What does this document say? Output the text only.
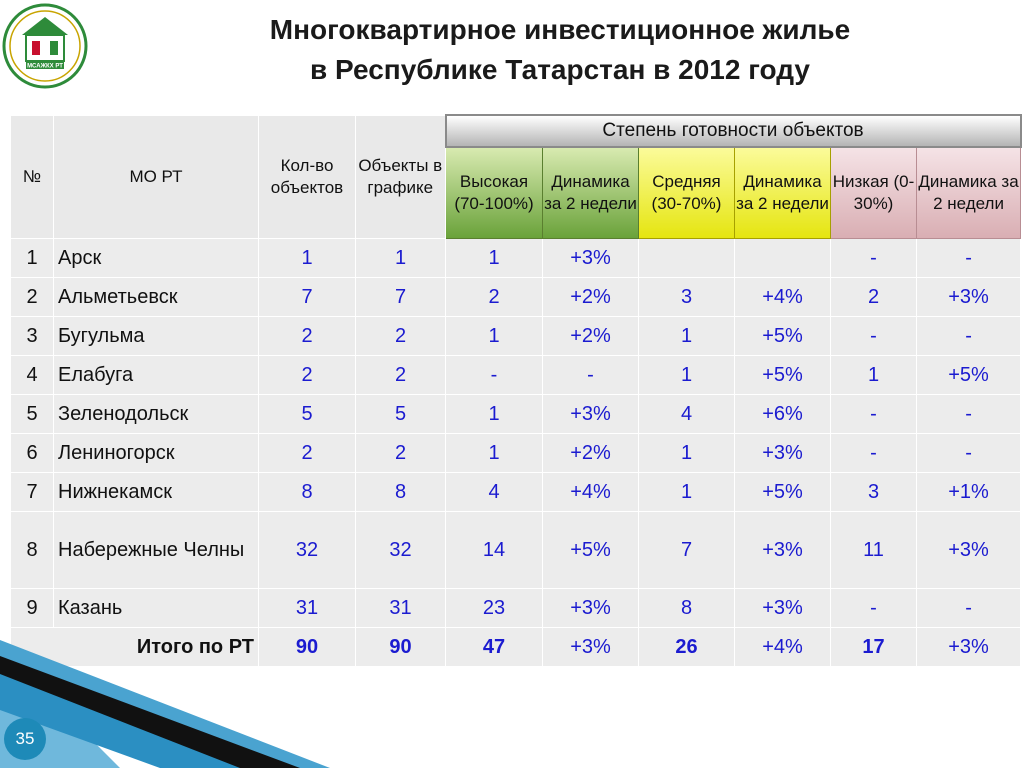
МСАЖКХ РТ
Многоквартирное инвестиционное жилье
в Республике Татарстан в 2012 году
№	МО РТ	Кол-во объектов	Объекты в графике	Степень готовности объектов					
				Высокая (70-100%)	Динамика за 2 недели	Средняя (30-70%)	Динамика за 2 недели	Низкая (0-30%)	Динамика за 2 недели
1	Арск	1	1	1	+3%			-	-
2	Альметьевск	7	7	2	+2%	3	+4%	2	+3%
3	Бугульма	2	2	1	+2%	1	+5%	-	-
4	Елабуга	2	2	-	-	1	+5%	1	+5%
5	Зеленодольск	5	5	1	+3%	4	+6%	-	-
6	Лениногорск	2	2	1	+2%	1	+3%	-	-
7	Нижнекамск	8	8	4	+4%	1	+5%	3	+1%
8	Набережные Челны	32	32	14	+5%	7	+3%	11	+3%
9	Казань	31	31	23	+3%	8	+3%	-	-
Итого по РТ		90	90	47	+3%	26	+4%	17	+3%
35
